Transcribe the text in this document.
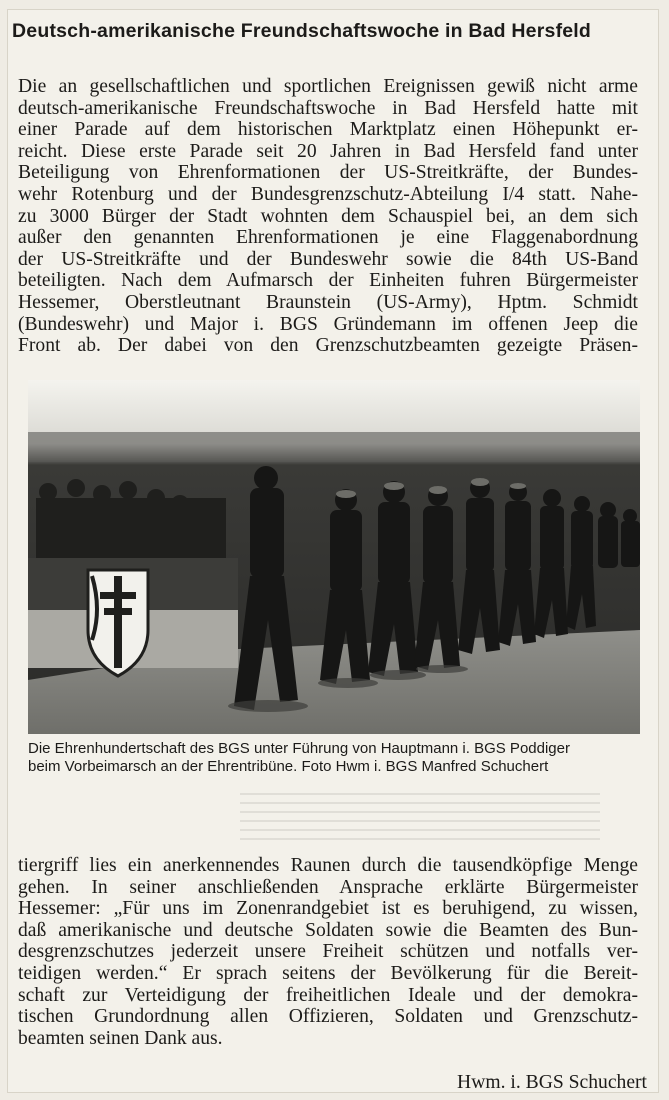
Deutsch-amerikanische Freundschaftswoche in Bad Hersfeld

Die an gesellschaftlichen und sportlichen Ereignissen gewiß nicht arme
deutsch-amerikanische Freundschaftswoche in Bad Hersfeld hatte mit
einer Parade auf dem historischen Marktplatz einen Höhepunkt er-
reicht. Diese erste Parade seit 20 Jahren in Bad Hersfeld fand unter
Beteiligung von Ehrenformationen der US-Streitkräfte, der Bundes-
wehr Rotenburg und der Bundesgrenzschutz-Abteilung I/4 statt. Nahe-
zu 3000 Bürger der Stadt wohnten dem Schauspiel bei, an dem sich
außer den genannten Ehrenformationen je eine Flaggenabordnung
der US-Streitkräfte und der Bundeswehr sowie die 84th US-Band
beteiligten. Nach dem Aufmarsch der Einheiten fuhren Bürgermeister
Hessemer, Oberstleutnant Braunstein (US-Army), Hptm. Schmidt
(Bundeswehr) und Major i. BGS Gründemann im offenen Jeep die
Front ab. Der dabei von den Grenzschutzbeamten gezeigte Präsen-

Die Ehrenhundertschaft des BGS unter Führung von Hauptmann i. BGS Poddiger
beim Vorbeimarsch an der Ehrentribüne. Foto Hwm i. BGS Manfred Schuchert

tiergriff lies ein anerkennendes Raunen durch die tausendköpfige Menge
gehen. In seiner anschließenden Ansprache erklärte Bürgermeister
Hessemer: „Für uns im Zonenrandgebiet ist es beruhigend, zu wissen,
daß amerikanische und deutsche Soldaten sowie die Beamten des Bun-
desgrenzschutzes jederzeit unsere Freiheit schützen und notfalls ver-
teidigen werden.“ Er sprach seitens der Bevölkerung für die Bereit-
schaft zur Verteidigung der freiheitlichen Ideale und der demokra-
tischen Grundordnung allen Offizieren, Soldaten und Grenzschutz-
beamten seinen Dank aus.

Hwm. i. BGS Schuchert
